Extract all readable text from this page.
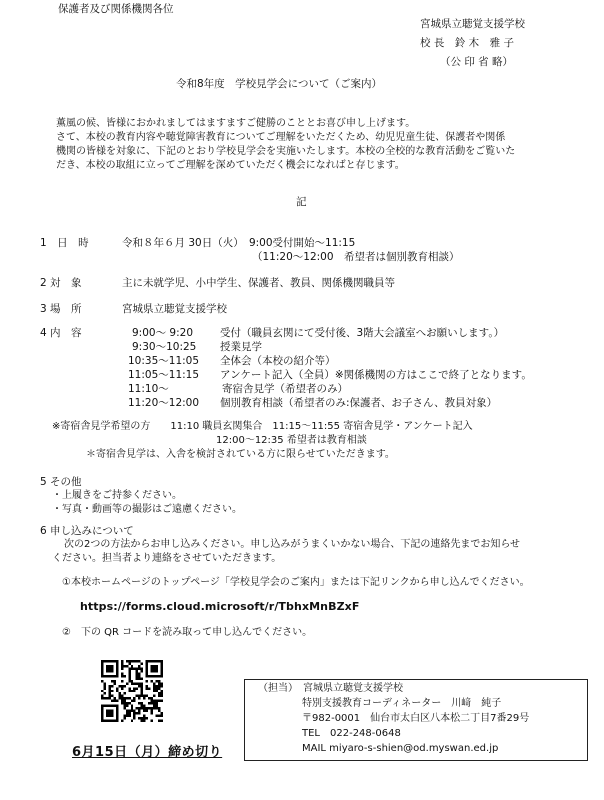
保護者及び関係機関各位
宮城県立聴覚支援学校
校 長　鈴 木　雅 子
（公 印 省 略）
令和8年度　学校見学会について（ご案内）
薫風の候、皆様におかれましてはますますご健勝のこととお喜び申し上げます。
さて、本校の教育内容や聴覚障害教育についてご理解をいただくため、幼児児童生徒、保護者や関係
機関の皆様を対象に、下記のとおり学校見学会を実施いたします。本校の全校的な教育活動をご覧いた
だき、本校の取組に立ってご理解を深めていただく機会になればと存じます。
記
1　日　時	令和８年６月 30日（火）　9:00受付開始～11:15
（11:20～12:00　希望者は個別教育相談）
2 対　象	主に未就学児、小中学生、保護者、教員、関係機関職員等
3 場　所	宮城県立聴覚支援学校
4 内　容	9:00～ 9:20	受付（職員玄関にて受付後、3階大会議室へお願いします。）
9:30～10:25 授業見学
10:35～11:05 全体会（本校の紹介等）
11:05～11:15 アンケート記入（全員）※関係機関の方はここで終了となります。
11:10～	寄宿舎見学（希望者のみ）
11:20～12:00 個別教育相談（希望者のみ:保護者、お子さん、教員対象）
※寄宿舎見学希望の方　　11:10 職員玄関集合　11:15～11:55 寄宿舎見学・アンケート記入
12:00～12:35 希望者は教育相談
＊寄宿舎見学は、入舎を検討されている方に限らせていただきます。
5 その他
・上履きをご持参ください。
・写真・動画等の撮影はご遠慮ください。
6 申し込みについて
次の2つの方法からお申し込みください。申し込みがうまくいかない場合、下記の連絡先までお知らせ
ください。担当者より連絡をさせていただきます。
①本校ホームページのトップページ「学校見学会のご案内」または下記リンクから申し込んでください。
https://forms.cloud.microsoft/r/TbhxMnBZxF
②　下の QR コードを読み取って申し込んでください。
6月15日（月）締め切り
（担当）　宮城県立聴覚支援学校
特別支援教育コーディネーター　川﨑　純子
〒982-0001　仙台市太白区八本松二丁目7番29号
TEL　022-248-0648
MAIL miyaro-s-shien@od.myswan.ed.jp
